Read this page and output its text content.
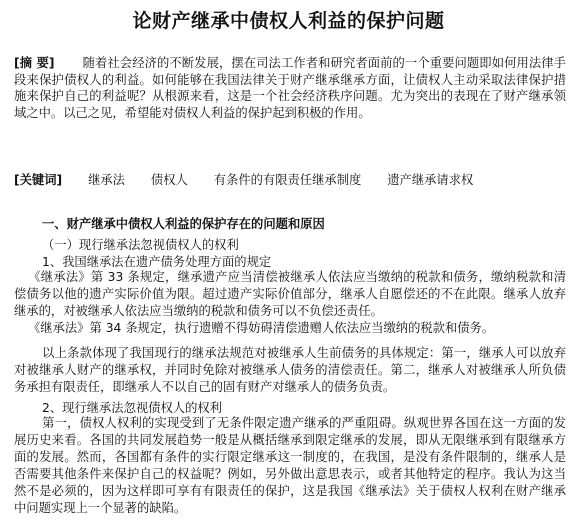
论财产继承中债权人利益的保护问题

[摘 要] 随着社会经济的不断发展，摆在司法工作者和研究者面前的一个重要问题即如何用法律手段来保护债权人的利益。如何能够在我国法律关于财产继承继承方面，让债权人主动采取法律保护措施来保护自己的利益呢？从根源来看，这是一个社会经济秩序问题。尤为突出的表现在了财产继承领域之中。以己之见，希望能对债权人利益的保护起到积极的作用。

[关键词] 继承法 债权人 有条件的有限责任继承制度 遗产继承请求权
一、财产继承中债权人利益的保护存在的问题和原因
（一）现行继承法忽视债权人的权利
1、我国继承法在遗产债务处理方面的规定

《继承法》第 33 条规定，继承遗产应当清偿被继承人依法应当缴纳的税款和债务，缴纳税款和清偿债务以他的遗产实际价值为限。超过遗产实际价值部分，继承人自愿偿还的不在此限。继承人放弃继承的，对被继承人依法应当缴纳的税款和债务可以不负偿还责任。
《继承法》第 34 条规定，执行遗赠不得妨碍清偿遗赠人依法应当缴纳的税款和债务。

以上条款体现了我国现行的继承法规范对被继承人生前债务的具体规定：第一，继承人可以放弃对被继承人财产的继承权，并同时免除对被继承人债务的清偿责任。第二，继承人对被继承人所负债务承担有限责任，即继承人不以自己的固有财产对继承人的债务负责。

2、现行继承法忽视债权人的权利

第一，债权人权利的实现受到了无条件限定遗产继承的严重阻碍。纵观世界各国在这一方面的发展历史来看。各国的共同发展趋势一般是从概括继承到限定继承的发展，即从无限继承到有限继承方面的发展。然而，各国都有条件的实行限定继承这一制度的，在我国，是没有条件限制的，继承人是否需要其他条件来保护自己的权益呢？例如，另外做出意思表示，或者其他特定的程序。我认为这当然不是必须的，因为这样即可享有有限责任的保护，这是我国《继承法》关于债权人权利在财产继承中问题实现上一个显著的缺陷。
